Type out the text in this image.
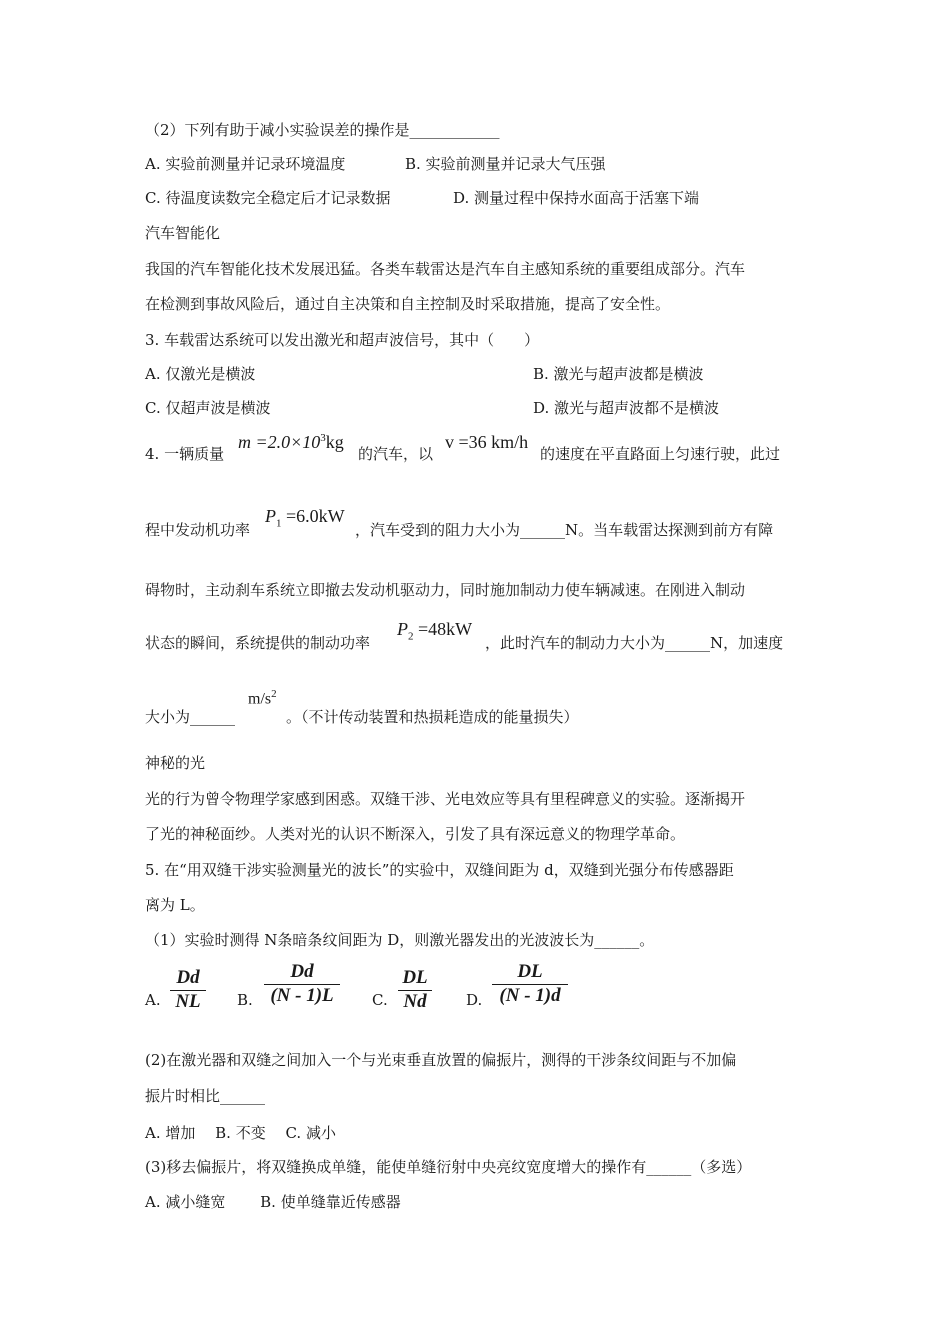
（2）下列有助于减小实验误差的操作是____________
A. 实验前测量并记录环境温度	B. 实验前测量并记录大气压强
C. 待温度读数完全稳定后才记录数据	D. 测量过程中保持水面高于活塞下端
汽车智能化
我国的汽车智能化技术发展迅猛。各类车载雷达是汽车自主感知系统的重要组成部分。汽车
在检测到事故风险后，通过自主决策和自主控制及时采取措施，提高了安全性。
3. 车载雷达系统可以发出激光和超声波信号，其中（　　）
A. 仅激光是横波	B. 激光与超声波都是横波
C. 仅超声波是横波	D. 激光与超声波都不是横波
4. 一辆质量
$m =2.0\times 10^3kg$
的汽车，以
v =36 km/h
的速度在平直路面上匀速行驶，此过
程中发动机功率
$P_1 =6.0kW$
，汽车受到的阻力大小为______N。当车载雷达探测到前方有障
碍物时，主动刹车系统立即撤去发动机驱动力，同时施加制动力使车辆减速。在刚进入制动
状态的瞬间，系统提供的制动功率
$P_2 =48kW$
，此时汽车的制动力大小为______N，加速度
大小为______
$m/s^2$
。（不计传动装置和热损耗造成的能量损失）
神秘的光
光的行为曾令物理学家感到困惑。双缝干涉、光电效应等具有里程碑意义的实验。逐渐揭开
了光的神秘面纱。人类对光的认识不断深入，引发了具有深远意义的物理学革命。
5. 在“用双缝干涉实验测量光的波长”的实验中，双缝间距为 d，双缝到光强分布传感器距
离为 L。
（1）实验时测得 N条暗条纹间距为 D，则激光器发出的光波波长为______。
A.
Dd
NL B.
Dd
(N - 1)L	C.
DL
Nd	D.
DL
(N - 1)d
(2)在激光器和双缝之间加入一个与光束垂直放置的偏振片，测得的干涉条纹间距与不加偏
振片时相比______
A. 增加　 B. 不变　 C. 减小
(3)移去偏振片，将双缝换成单缝，能使单缝衍射中央亮纹宽度增大的操作有______（多选）
A. 减小缝宽　　 B. 使单缝靠近传感器
